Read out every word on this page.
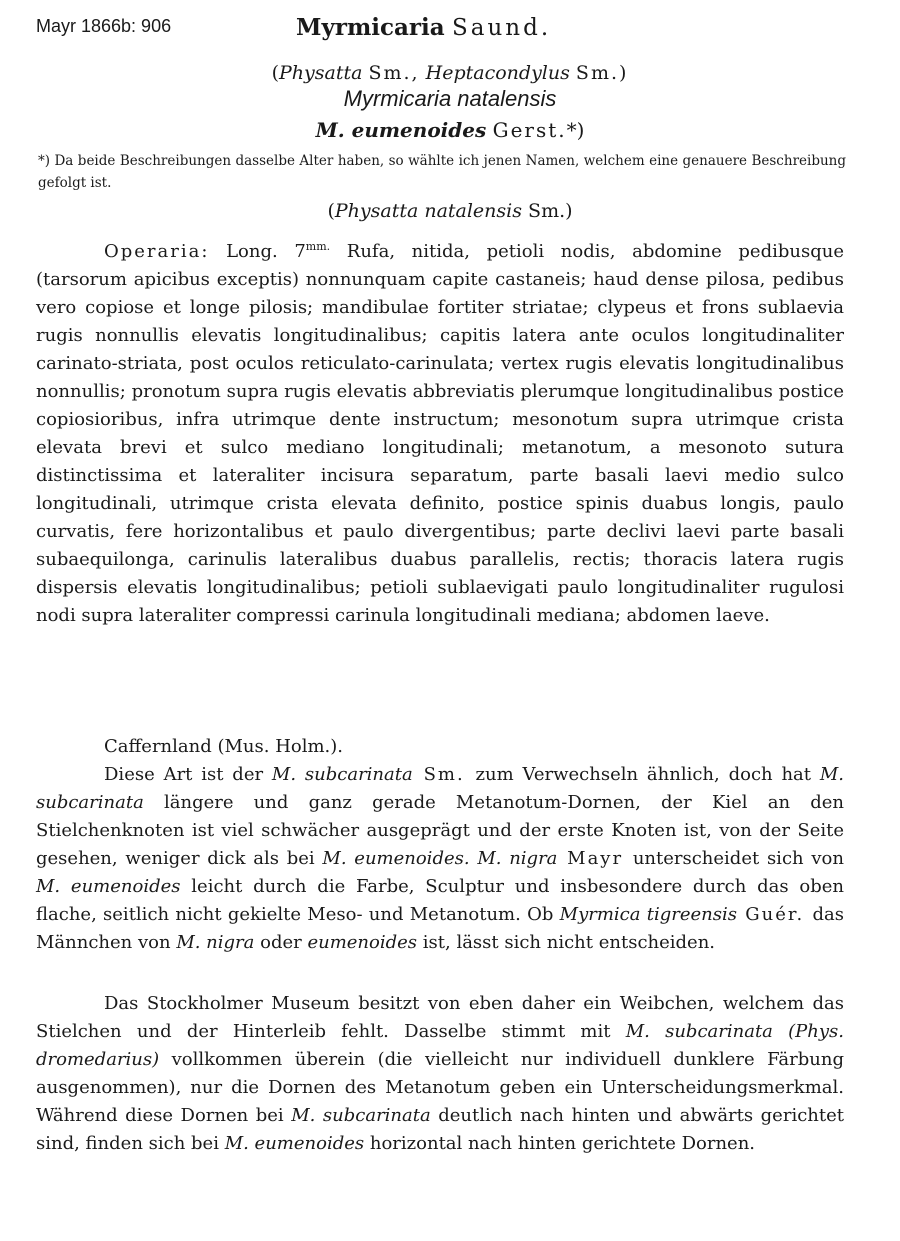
Mayr 1866b: 906	Myrmicaria Saund.
(Physatta Sm., Heptacondylus Sm.)
Myrmicaria natalensis
M. eumenoides Gerst.*)
*) Da beide Beschreibungen dasselbe Alter haben, so wählte ich jenen Namen, welchem eine genauere Beschreibung gefolgt ist.
(Physatta natalensis Sm.)

Operaria: Long. $7^{mm.}$ Rufa, nitida, petioli nodis, abdomine pedibusque (tarsorum apicibus exceptis) nonnunquam capite castaneis; haud dense pilosa, pedibus vero copiose et longe pilosis; mandibulae fortiter striatae; clypeus et frons sublaevia rugis nonnullis elevatis longitudinalibus; capitis latera ante oculos longitudinaliter carinato-striata, post oculos reticulato-carinulata; vertex rugis elevatis longitudinalibus nonnullis; pronotum supra rugis elevatis abbreviatis plerumque longitudinalibus postice copiosioribus, infra utrimque dente instructum; mesonotum supra utrimque crista elevata brevi et sulco mediano longitudinali; metanotum, a mesonoto sutura distinctissima et lateraliter incisura separatum, parte basali laevi medio sulco longitudinali, utrimque crista elevata definito, postice spinis duabus longis, paulo curvatis, fere horizontalibus et paulo divergentibus; parte declivi laevi parte basali subaequilonga, carinulis lateralibus duabus parallelis, rectis; thoracis latera rugis dispersis elevatis longitudinalibus; petioli sublaevigati paulo longitudinaliter rugulosi nodi supra lateraliter compressi carinula longitudinali mediana; abdomen laeve.

Caffernland (Mus. Holm.).

Diese Art ist der M. subcarinata Sm. zum Verwechseln ähnlich, doch hat M. subcarinata längere und ganz gerade Metanotum-Dornen, der Kiel an den Stielchenknoten ist viel schwächer ausgeprägt und der erste Knoten ist, von der Seite gesehen, weniger dick als bei M. eumenoides. M. nigra Mayr unterscheidet sich von M. eumenoides leicht durch die Farbe, Sculptur und insbesondere durch das oben flache, seitlich nicht gekielte Meso- und Metanotum. Ob Myrmica tigreensis Guér. das Männchen von M. nigra oder eumenoides ist, lässt sich nicht entscheiden.

Das Stockholmer Museum besitzt von eben daher ein Weibchen, welchem das Stielchen und der Hinterleib fehlt. Dasselbe stimmt mit M. subcarinata (Phys. dromedarius) vollkommen überein (die vielleicht nur individuell dunklere Färbung ausgenommen), nur die Dornen des Metanotum geben ein Unterscheidungsmerkmal. Während diese Dornen bei M. subcarinata deutlich nach hinten und abwärts gerichtet sind, finden sich bei M. eumenoides horizontal nach hinten gerichtete Dornen.
